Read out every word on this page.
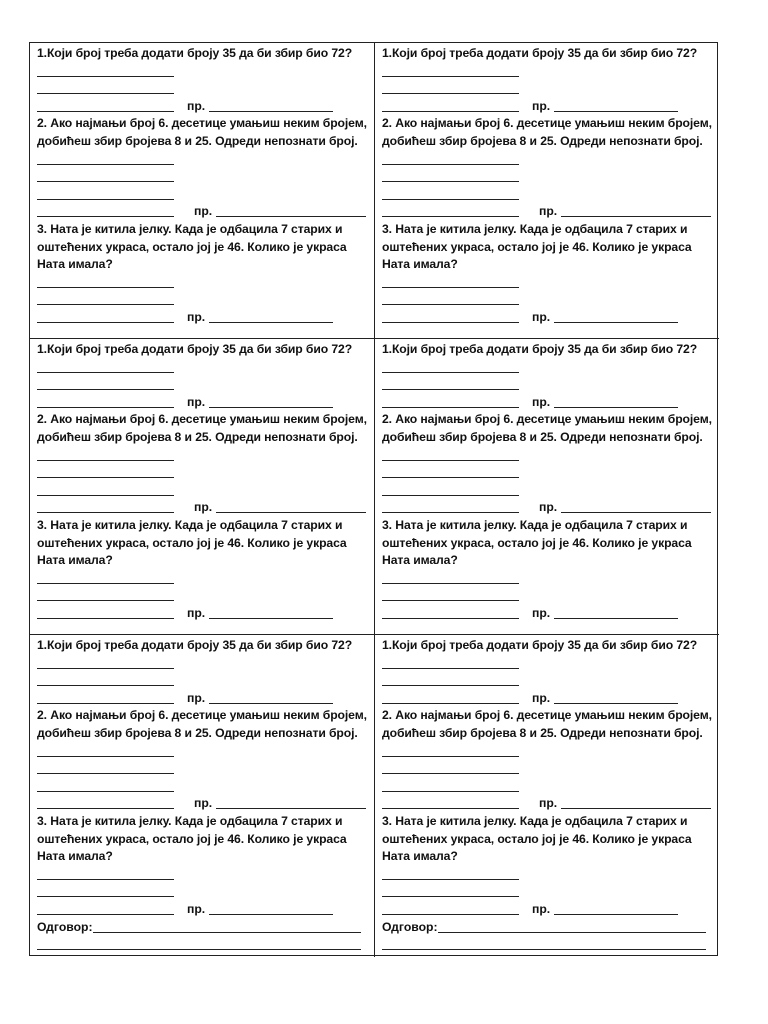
1.Који број треба додати броју 35 да би збир био 72?

пр.

2. Ако најмањи број 6. десетице умањиш неким бројем, добићеш збир бројева 8 и 25. Одреди непознати број.

пр.

3. Ната је китила јелку. Када је одбацила 7 старих и оштећених украса, остало јој је 46. Колико је украса Ната имала?

пр.

1.Који број треба додати броју 35 да би збир био 72?

пр.

2. Ако најмањи број 6. десетице умањиш неким бројем, добићеш збир бројева 8 и 25. Одреди непознати број.

пр.

3. Ната је китила јелку. Када је одбацила 7 старих и оштећених украса, остало јој је 46. Колико је украса Ната имала?

пр.

1.Који број треба додати броју 35 да би збир био 72?

пр.

2. Ако најмањи број 6. десетице умањиш неким бројем, добићеш збир бројева 8 и 25. Одреди непознати број.

пр.

3. Ната је китила јелку. Када је одбацила 7 старих и оштећених украса, остало јој је 46. Колико је украса Ната имала?

пр.

1.Који број треба додати броју 35 да би збир био 72?

пр.

2. Ако најмањи број 6. десетице умањиш неким бројем, добићеш збир бројева 8 и 25. Одреди непознати број.

пр.

3. Ната је китила јелку. Када је одбацила 7 старих и оштећених украса, остало јој је 46. Колико је украса Ната имала?

пр.

1.Који број треба додати броју 35 да би збир био 72?

пр.

2. Ако најмањи број 6. десетице умањиш неким бројем, добићеш збир бројева 8 и 25. Одреди непознати број.

пр.

3. Ната је китила јелку. Када је одбацила 7 старих и оштећених украса, остало јој је 46. Колико је украса Ната имала?

пр.
Одговор:

1.Који број треба додати броју 35 да би збир био 72?

пр.

2. Ако најмањи број 6. десетице умањиш неким бројем, добићеш збир бројева 8 и 25. Одреди непознати број.

пр.

3. Ната је китила јелку. Када је одбацила 7 старих и оштећених украса, остало јој је 46. Колико је украса Ната имала?

пр.
Одговор:
